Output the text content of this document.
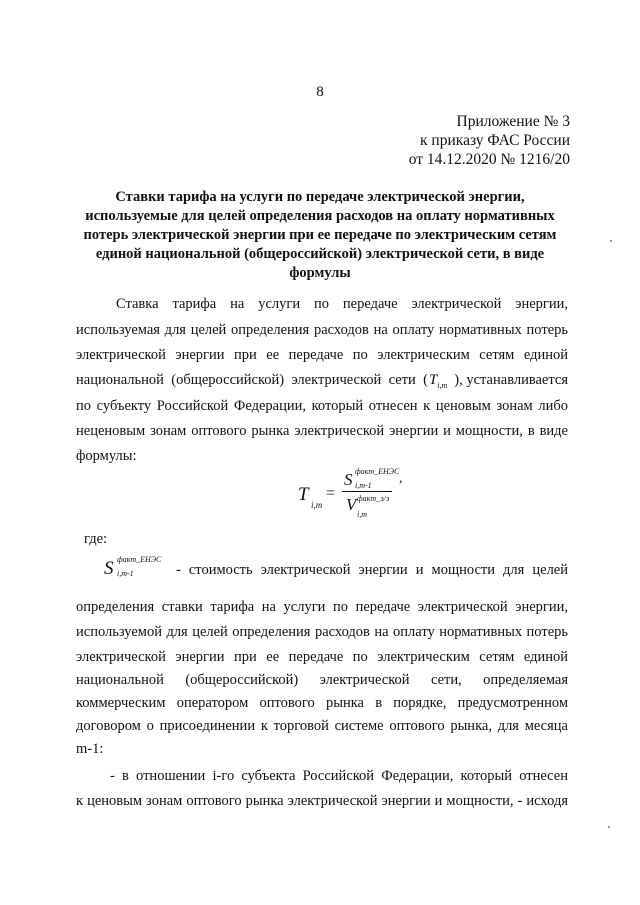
8
Приложение № 3
к приказу ФАС России
от 14.12.2020 № 1216/20
Ставки тарифа на услуги по передаче электрической энергии, используемые для целей определения расходов на оплату нормативных потерь электрической энергии при ее передаче по электрическим сетям единой национальной (общероссийской) электрической сети, в виде формулы
Ставка тарифа на услуги по передаче электрической энергии,
используемая для целей определения расходов на оплату нормативных потерь
электрической энергии при ее передаче по электрическим сетям единой
национальной (общероссийской) электрической сети ( $T_{i,m}$ ), устанавливается
по субъекту Российской Федерации, который отнесен к ценовым зонам либо
неценовым зонам оптового рынка электрической энергии и мощности, в виде
формулы:
T i,m
=
S факт_ЕНЭС
i,m-1 ,
V факт_э/э
i,m
где:
S факт_ЕНЭС
i,m-1	- стоимость электрической энергии и мощности для целей
определения ставки тарифа на услуги по передаче электрической энергии,
используемой для целей определения расходов на оплату нормативных потерь
электрической энергии при ее передаче по электрическим сетям единой
национальной (общероссийской) электрической сети, определяемая
коммерческим оператором оптового рынка в порядке, предусмотренном
договором о присоединении к торговой системе оптового рынка, для месяца
m-1:
- в отношении i-го субъекта Российской Федерации, который отнесен
к ценовым зонам оптового рынка электрической энергии и мощности, - исходя
